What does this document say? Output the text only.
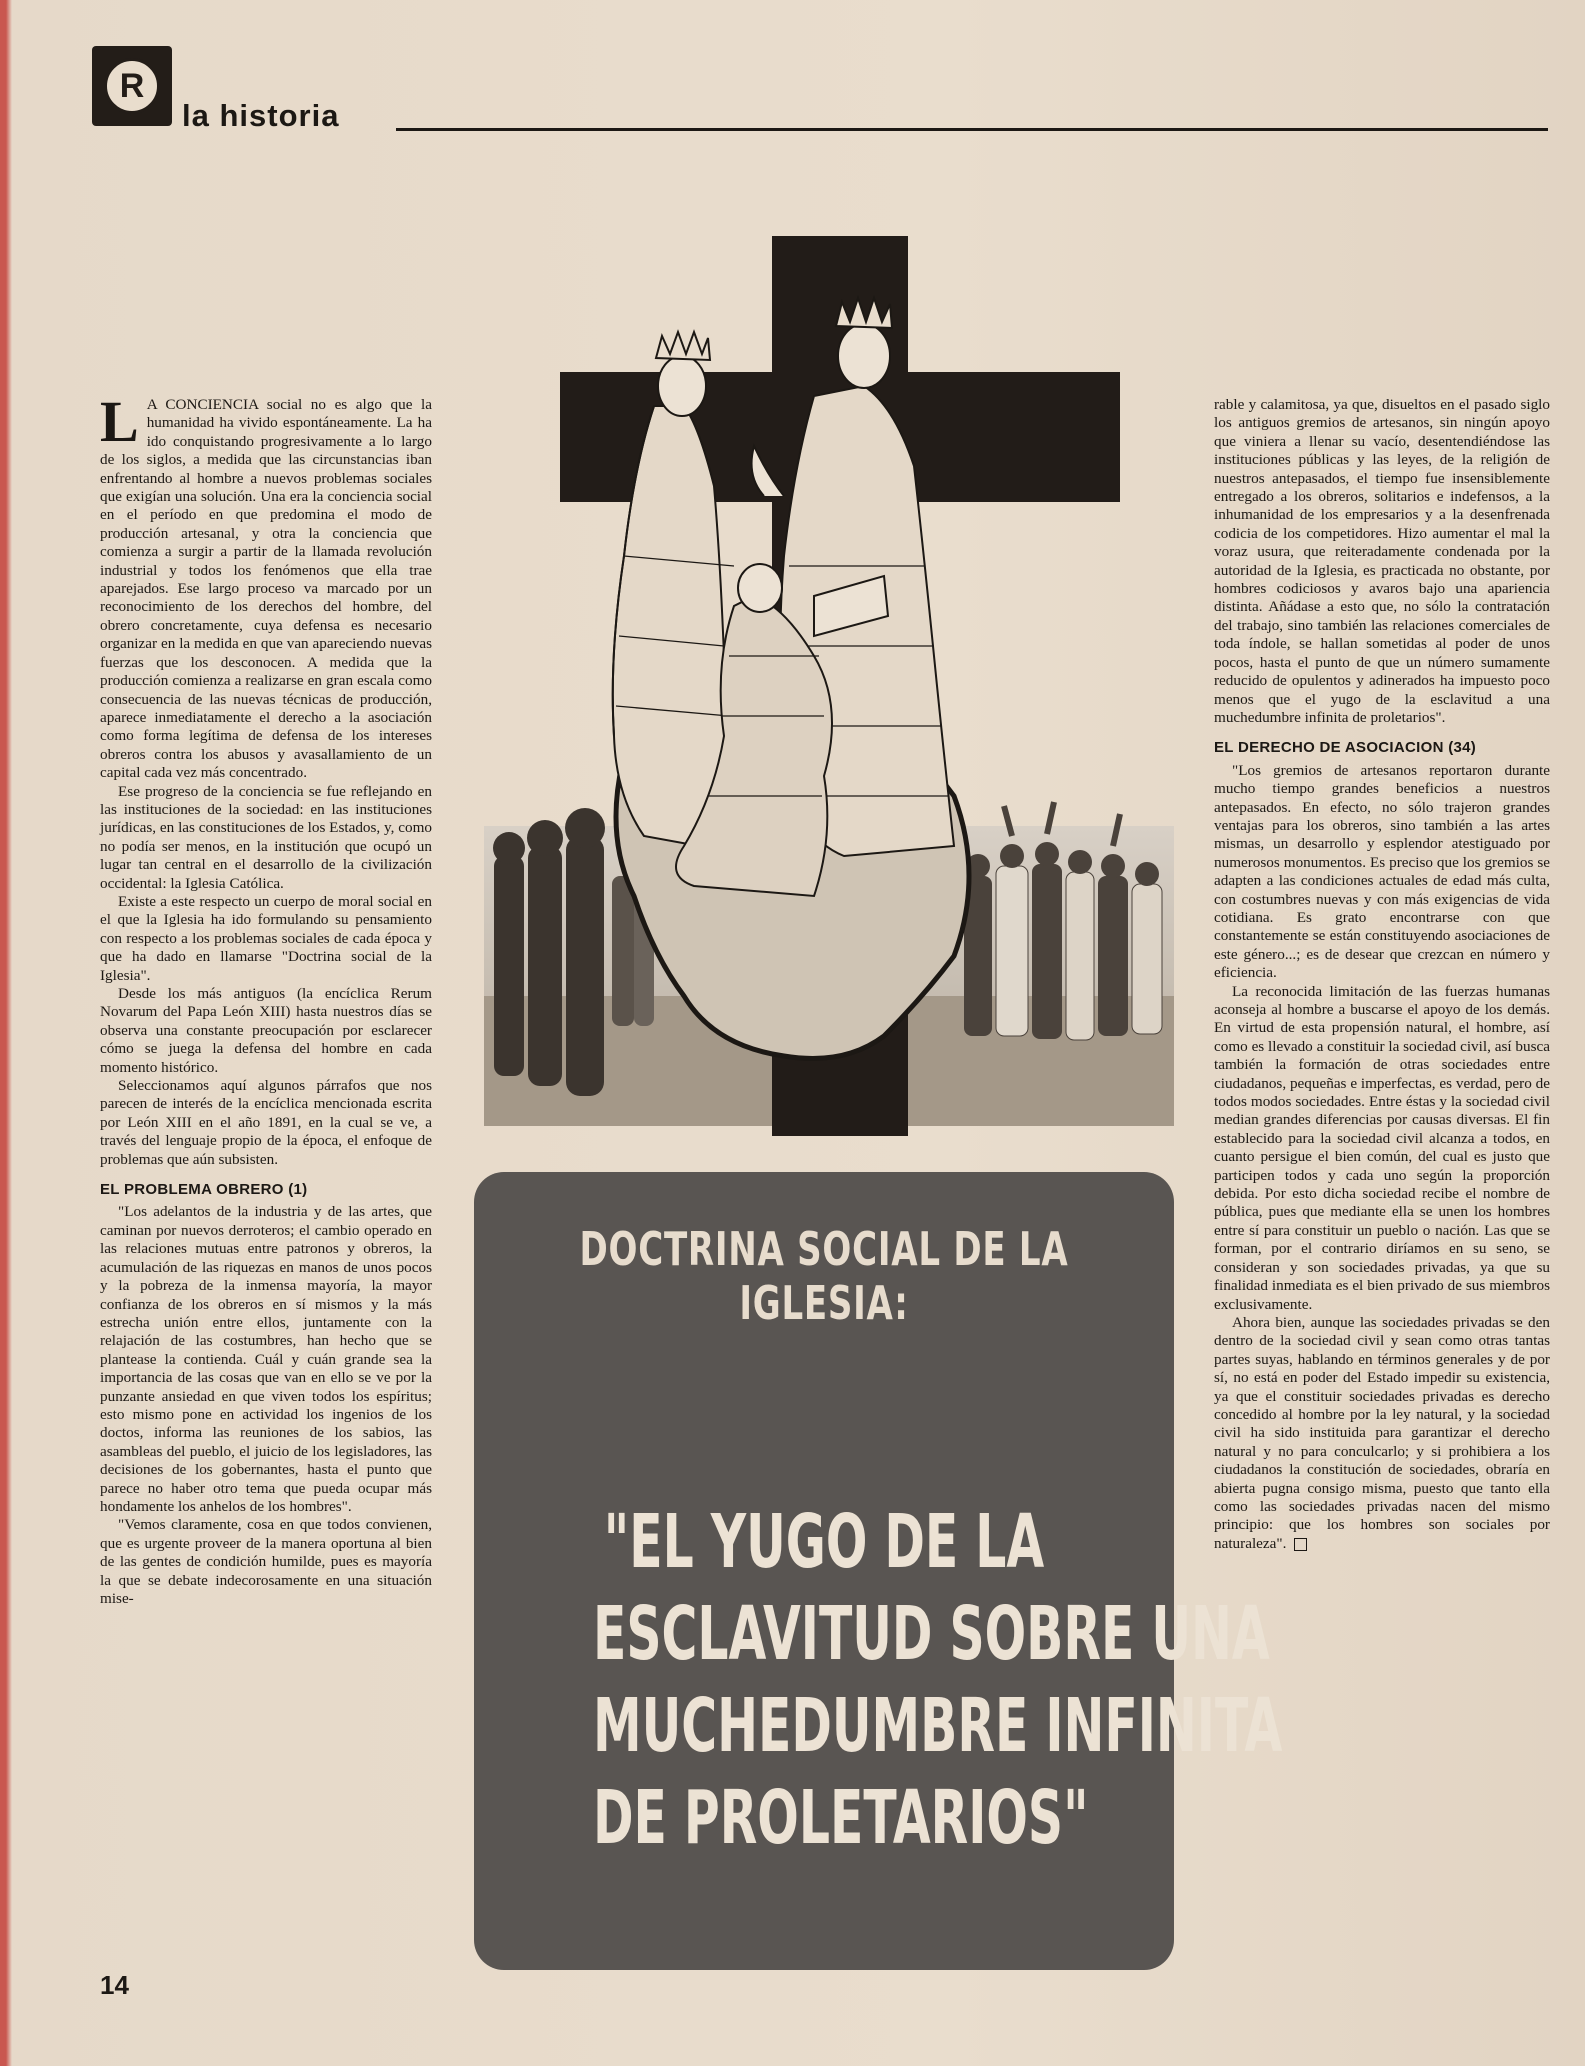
R
la historia

L A CONCIENCIA social no es algo que la humanidad ha vivido espontáneamente. La ha ido conquistando progresivamente a lo largo de los siglos, a medida que las circunstancias iban enfrentando al hombre a nuevos problemas sociales que exigían una solución. Una era la conciencia social en el período en que predomina el modo de producción artesanal, y otra la conciencia que comienza a surgir a partir de la llamada revolución industrial y todos los fenómenos que ella trae aparejados. Ese largo proceso va marcado por un reconocimiento de los derechos del hombre, del obrero concretamente, cuya defensa es necesario organizar en la medida en que van apareciendo nuevas fuerzas que los desconocen. A medida que la producción comienza a realizarse en gran escala como consecuencia de las nuevas técnicas de producción, aparece inmediatamente el derecho a la asociación como forma legítima de defensa de los intereses obreros contra los abusos y avasallamiento de un capital cada vez más concentrado.

Ese progreso de la conciencia se fue reflejando en las instituciones de la sociedad: en las instituciones jurídicas, en las constituciones de los Estados, y, como no podía ser menos, en la institución que ocupó un lugar tan central en el desarrollo de la civilización occidental: la Iglesia Católica.

Existe a este respecto un cuerpo de moral social en el que la Iglesia ha ido formulando su pensamiento con respecto a los problemas sociales de cada época y que ha dado en llamarse "Doctrina social de la Iglesia".

Desde los más antiguos (la encíclica Rerum Novarum del Papa León XIII) hasta nuestros días se observa una constante preocupación por esclarecer cómo se juega la defensa del hombre en cada momento histórico.

Seleccionamos aquí algunos párrafos que nos parecen de interés de la encíclica mencionada escrita por León XIII en el año 1891, en la cual se ve, a través del lenguaje propio de la época, el enfoque de problemas que aún subsisten.

EL PROBLEMA OBRERO (1)

"Los adelantos de la industria y de las artes, que caminan por nuevos derroteros; el cambio operado en las relaciones mutuas entre patronos y obreros, la acumulación de las riquezas en manos de unos pocos y la pobreza de la inmensa mayoría, la mayor confianza de los obreros en sí mismos y la más estrecha unión entre ellos, juntamente con la relajación de las costumbres, han hecho que se plantease la contienda. Cuál y cuán grande sea la importancia de las cosas que van en ello se ve por la punzante ansiedad en que viven todos los espíritus; esto mismo pone en actividad los ingenios de los doctos, informa las reuniones de los sabios, las asambleas del pueblo, el juicio de los legisladores, las decisiones de los gobernantes, hasta el punto que parece no haber otro tema que pueda ocupar más hondamente los anhelos de los hombres".

"Vemos claramente, cosa en que todos convienen, que es urgente proveer de la manera oportuna al bien de las gentes de condición humilde, pues es mayoría la que se debate indecorosamente en una situación mise-

DOCTRINA SOCIAL DE LA IGLESIA:
"EL YUGO DE LA
ESCLAVITUD SOBRE UNA
MUCHEDUMBRE INFINITA
DE PROLETARIOS"

rable y calamitosa, ya que, disueltos en el pasado siglo los antiguos gremios de artesanos, sin ningún apoyo que viniera a llenar su vacío, desentendiéndose las instituciones públicas y las leyes, de la religión de nuestros antepasados, el tiempo fue insensiblemente entregado a los obreros, solitarios e indefensos, a la inhumanidad de los empresarios y a la desenfrenada codicia de los competidores. Hizo aumentar el mal la voraz usura, que reiteradamente condenada por la autoridad de la Iglesia, es practicada no obstante, por hombres codiciosos y avaros bajo una apariencia distinta. Añádase a esto que, no sólo la contratación del trabajo, sino también las relaciones comerciales de toda índole, se hallan sometidas al poder de unos pocos, hasta el punto de que un número sumamente reducido de opulentos y adinerados ha impuesto poco menos que el yugo de la esclavitud a una muchedumbre infinita de proletarios".

EL DERECHO DE ASOCIACION (34)

"Los gremios de artesanos reportaron durante mucho tiempo grandes beneficios a nuestros antepasados. En efecto, no sólo trajeron grandes ventajas para los obreros, sino también a las artes mismas, un desarrollo y esplendor atestiguado por numerosos monumentos. Es preciso que los gremios se adapten a las condiciones actuales de edad más culta, con costumbres nuevas y con más exigencias de vida cotidiana. Es grato encontrarse con que constantemente se están constituyendo asociaciones de este género...; es de desear que crezcan en número y eficiencia.

La reconocida limitación de las fuerzas humanas aconseja al hombre a buscarse el apoyo de los demás. En virtud de esta propensión natural, el hombre, así como es llevado a constituir la sociedad civil, así busca también la formación de otras sociedades entre ciudadanos, pequeñas e imperfectas, es verdad, pero de todos modos sociedades. Entre éstas y la sociedad civil median grandes diferencias por causas diversas. El fin establecido para la sociedad civil alcanza a todos, en cuanto persigue el bien común, del cual es justo que participen todos y cada uno según la proporción debida. Por esto dicha sociedad recibe el nombre de pública, pues que mediante ella se unen los hombres entre sí para constituir un pueblo o nación. Las que se forman, por el contrario diríamos en su seno, se consideran y son sociedades privadas, ya que su finalidad inmediata es el bien privado de sus miembros exclusivamente.

Ahora bien, aunque las sociedades privadas se den dentro de la sociedad civil y sean como otras tantas partes suyas, hablando en términos generales y de por sí, no está en poder del Estado impedir su existencia, ya que el constituir sociedades privadas es derecho concedido al hombre por la ley natural, y la sociedad civil ha sido instituida para garantizar el derecho natural y no para conculcarlo; y si prohibiera a los ciudadanos la constitución de sociedades, obraría en abierta pugna consigo misma, puesto que tanto ella como las sociedades privadas nacen del mismo principio: que los hombres son sociales por naturaleza".

14
